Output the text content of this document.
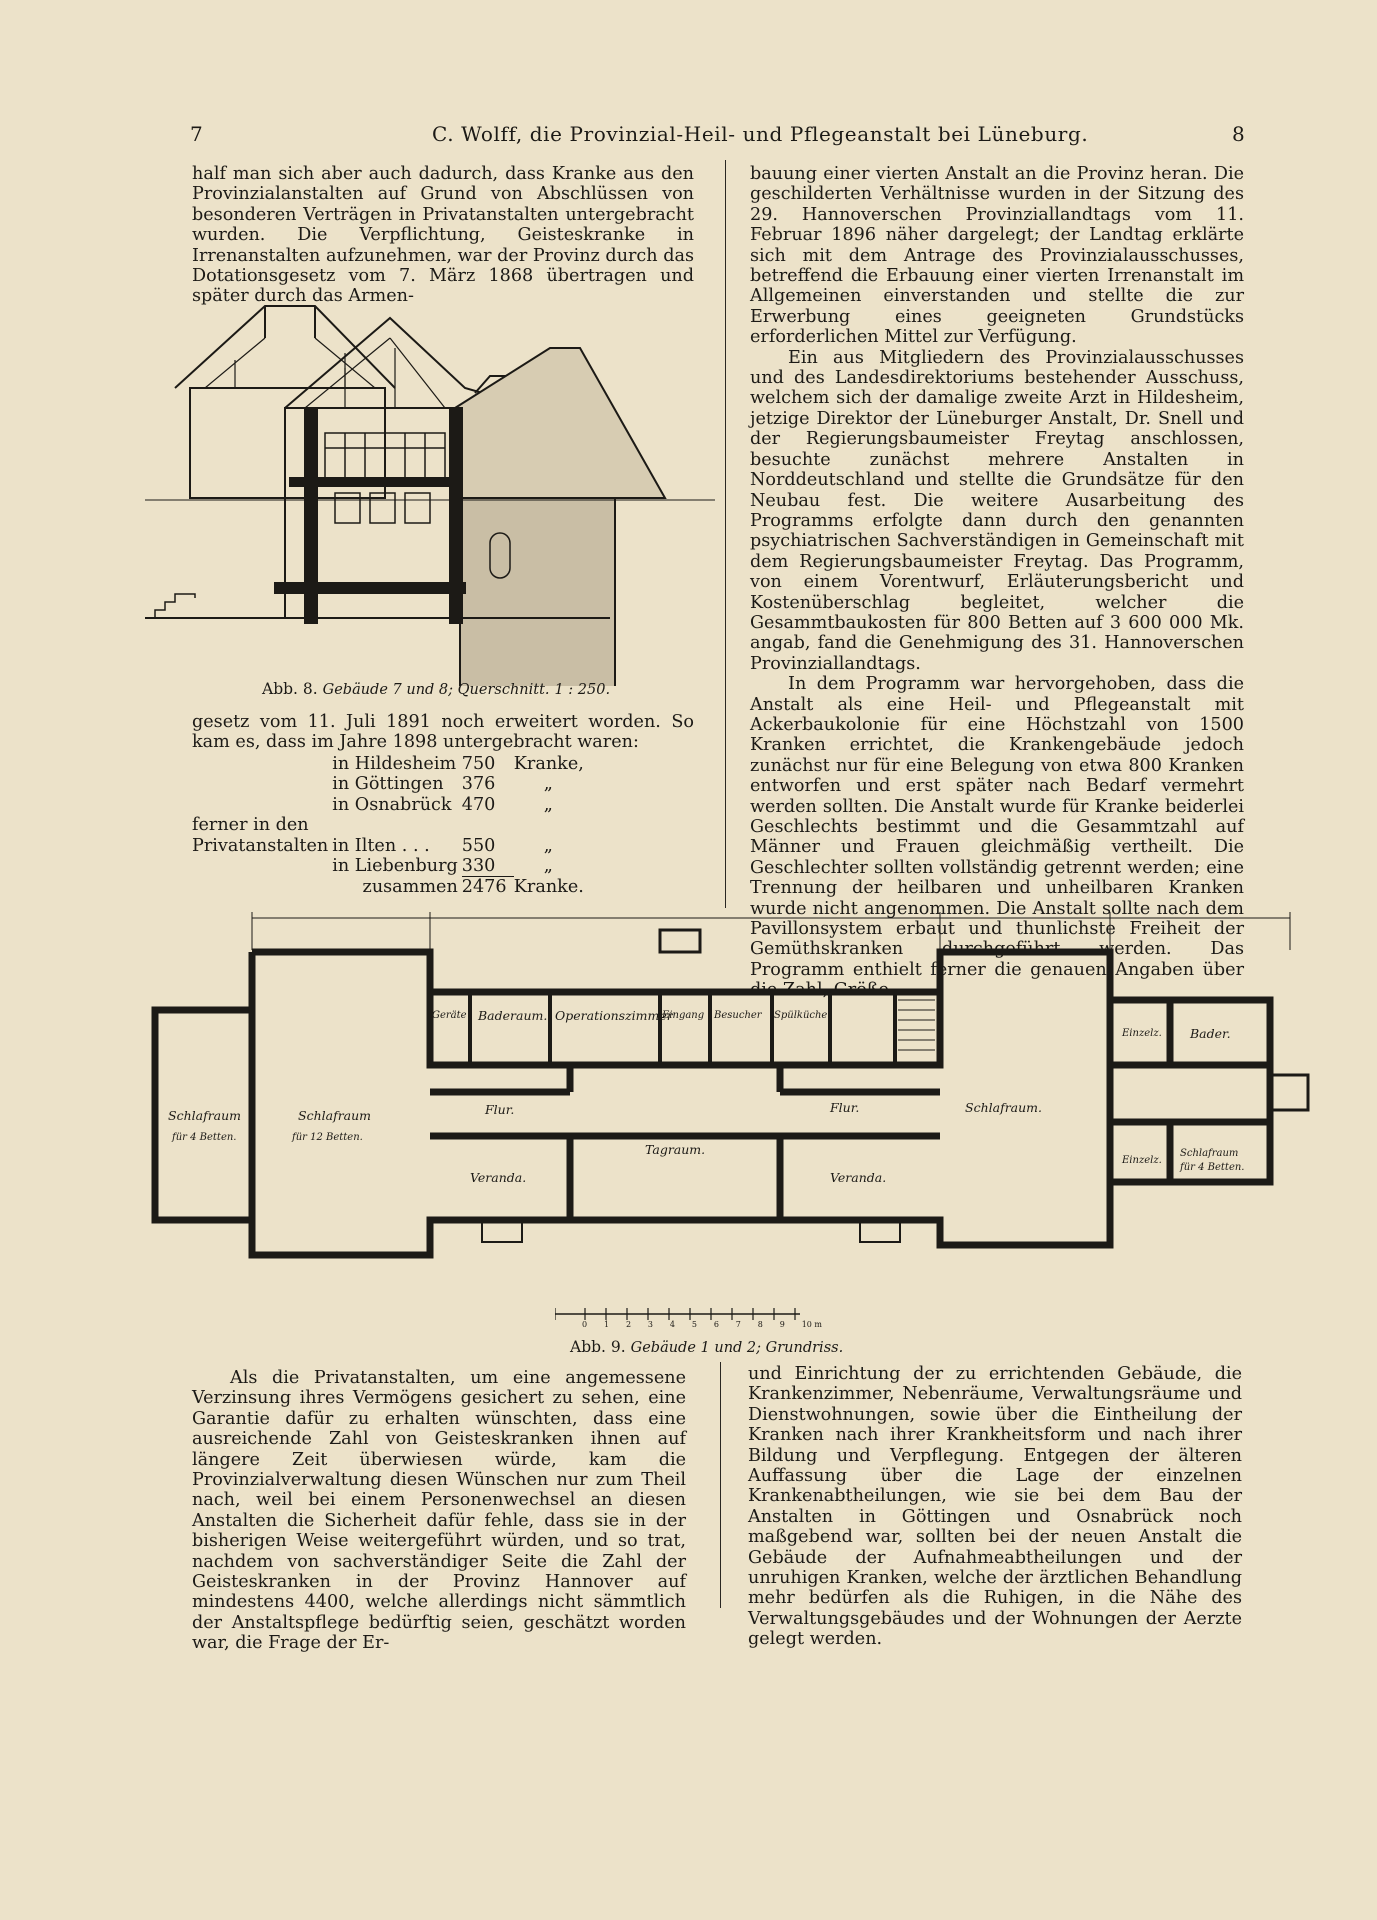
7	C. Wolff, die Provinzial-Heil- und Pflegeanstalt bei Lüneburg.	8

half man sich aber auch dadurch, dass Kranke aus den Provinzialanstalten auf Grund von Abschlüssen von besonderen Verträgen in Privatanstalten untergebracht wurden. Die Verpflichtung, Geisteskranke in Irrenanstalten aufzunehmen, war der Provinz durch das Dotationsgesetz vom 7. März 1868 übertragen und später durch das Armen-

Abb. 8. Gebäude 7 und 8; Querschnitt. 1 : 250.

gesetz vom 11. Juli 1891 noch erweitert worden. So kam es, dass im Jahre 1898 untergebracht waren:

	in Hildesheim	750	Kranke,
	in Göttingen	376	„
	in Osnabrück	470	„
ferner in den			
Privatanstalten	in Ilten . . .	550	„
	in Liebenburg	330	„
	zusammen	2476	Kranke.

bauung einer vierten Anstalt an die Provinz heran. Die geschilderten Verhältnisse wurden in der Sitzung des 29. Hannoverschen Provinziallandtags vom 11. Februar 1896 näher dargelegt; der Landtag erklärte sich mit dem Antrage des Provinzialausschusses, betreffend die Erbauung einer vierten Irrenanstalt im Allgemeinen einverstanden und stellte die zur Erwerbung eines geeigneten Grundstücks erforderlichen Mittel zur Verfügung.

Ein aus Mitgliedern des Provinzialausschusses und des Landesdirektoriums bestehender Ausschuss, welchem sich der damalige zweite Arzt in Hildesheim, jetzige Direktor der Lüneburger Anstalt, Dr. Snell und der Regierungsbaumeister Freytag anschlossen, besuchte zunächst mehrere Anstalten in Norddeutschland und stellte die Grundsätze für den Neubau fest. Die weitere Ausarbeitung des Programms erfolgte dann durch den genannten psychiatrischen Sachverständigen in Gemeinschaft mit dem Regierungsbaumeister Freytag. Das Programm, von einem Vorentwurf, Erläuterungsbericht und Kostenüberschlag begleitet, welcher die Gesammtbaukosten für 800 Betten auf 3 600 000 Mk. angab, fand die Genehmigung des 31. Hannoverschen Provinziallandtags.

In dem Programm war hervorgehoben, dass die Anstalt als eine Heil- und Pflegeanstalt mit Ackerbaukolonie für eine Höchstzahl von 1500 Kranken errichtet, die Krankengebäude jedoch zunächst nur für eine Belegung von etwa 800 Kranken entworfen und erst später nach Bedarf vermehrt werden sollten. Die Anstalt wurde für Kranke beiderlei Geschlechts bestimmt und die Gesammtzahl auf Männer und Frauen gleichmäßig vertheilt. Die Geschlechter sollten vollständig getrennt werden; eine Trennung der heilbaren und unheilbaren Kranken wurde nicht angenommen. Die Anstalt sollte nach dem Pavillonsystem erbaut und thunlichste Freiheit der Gemüthskranken durchgeführt werden. Das Programm enthielt ferner die genauen Angaben über die Zahl, Größe

Schlafraum
für 4 Betten.
Schlafraum
für 12 Betten.
Geräte Baderaum. Operationszimmer
Eingang Besucher Spülküche
Flur.	Flur.
Veranda.	Veranda.
Tagraum.
Schlafraum.
Einzelz. Bader.
Einzelz.
Schlafraum
für 4 Betten.
0 1 2 3 4 5 6 7 8 9 10 m
Abb. 9. Gebäude 1 und 2; Grundriss.

Als die Privatanstalten, um eine angemessene Verzinsung ihres Vermögens gesichert zu sehen, eine Garantie dafür zu erhalten wünschten, dass eine ausreichende Zahl von Geisteskranken ihnen auf längere Zeit überwiesen würde, kam die Provinzialverwaltung diesen Wünschen nur zum Theil nach, weil bei einem Personenwechsel an diesen Anstalten die Sicherheit dafür fehle, dass sie in der bisherigen Weise weitergeführt würden, und so trat, nachdem von sachverständiger Seite die Zahl der Geisteskranken in der Provinz Hannover auf mindestens 4400, welche allerdings nicht sämmtlich der Anstaltspflege bedürftig seien, geschätzt worden war, die Frage der Er-

und Einrichtung der zu errichtenden Gebäude, die Krankenzimmer, Nebenräume, Verwaltungsräume und Dienstwohnungen, sowie über die Eintheilung der Kranken nach ihrer Krankheitsform und nach ihrer Bildung und Verpflegung. Entgegen der älteren Auffassung über die Lage der einzelnen Krankenabtheilungen, wie sie bei dem Bau der Anstalten in Göttingen und Osnabrück noch maßgebend war, sollten bei der neuen Anstalt die Gebäude der Aufnahmeabtheilungen und der unruhigen Kranken, welche der ärztlichen Behandlung mehr bedürfen als die Ruhigen, in die Nähe des Verwaltungsgebäudes und der Wohnungen der Aerzte gelegt werden.
